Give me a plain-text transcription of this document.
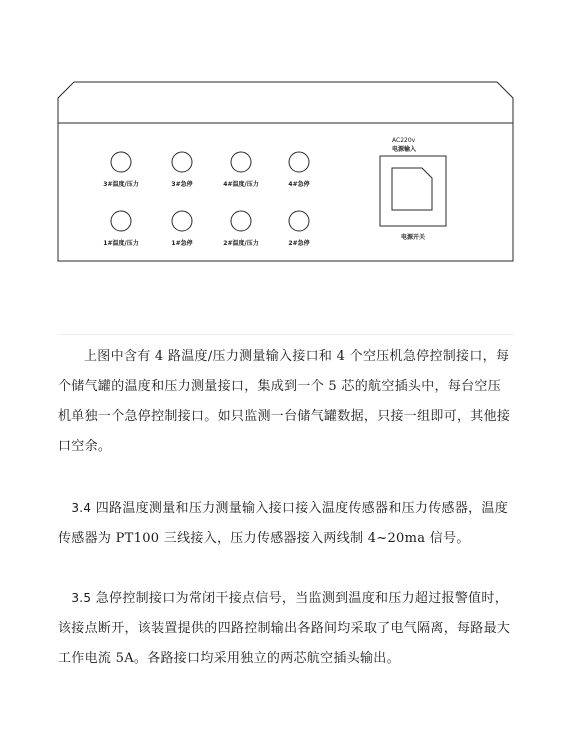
3#温度/压力	3#急停	4#温度/压力	4#急停
1#温度/压力	1#急停	2#温度/压力	2#急停
AC220v
电源输入
电源开关

上图中含有 4 路温度/压力测量输入接口和 4 个空压机急停控制接口，每个储气罐的温度和压力测量接口，集成到一个 5 芯的航空插头中，每台空压机单独一个急停控制接口。如只监测一台储气罐数据，只接一组即可，其他接口空余。

 3.4 四路温度测量和压力测量输入接口接入温度传感器和压力传感器，温度传感器为 PT100 三线接入，压力传感器接入两线制 4~20ma 信号。

 3.5 急停控制接口为常闭干接点信号，当监测到温度和压力超过报警值时，该接点断开，该装置提供的四路控制输出各路间均采取了电气隔离，每路最大工作电流 5A。各路接口均采用独立的两芯航空插头输出。
